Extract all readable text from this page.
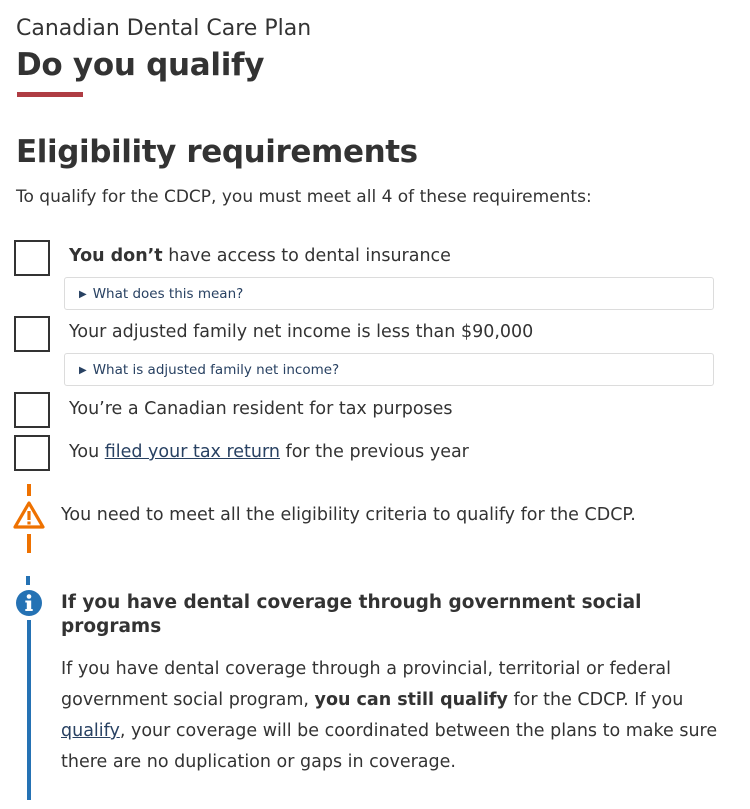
Canadian Dental Care Plan
Do you qualify
Eligibility requirements
To qualify for the CDCP, you must meet all 4 of these requirements:
You don’t have access to dental insurance
▶ What does this mean?
Your adjusted family net income is less than $90,000
▶ What is adjusted family net income?
You’re a Canadian resident for tax purposes
You filed your tax return for the previous year
You need to meet all the eligibility criteria to qualify for the CDCP.
If you have dental coverage through government social programs
If you have dental coverage through a provincial, territorial or federal government social program, you can still qualify for the CDCP. If you qualify, your coverage will be coordinated between the plans to make sure there are no duplication or gaps in coverage.
